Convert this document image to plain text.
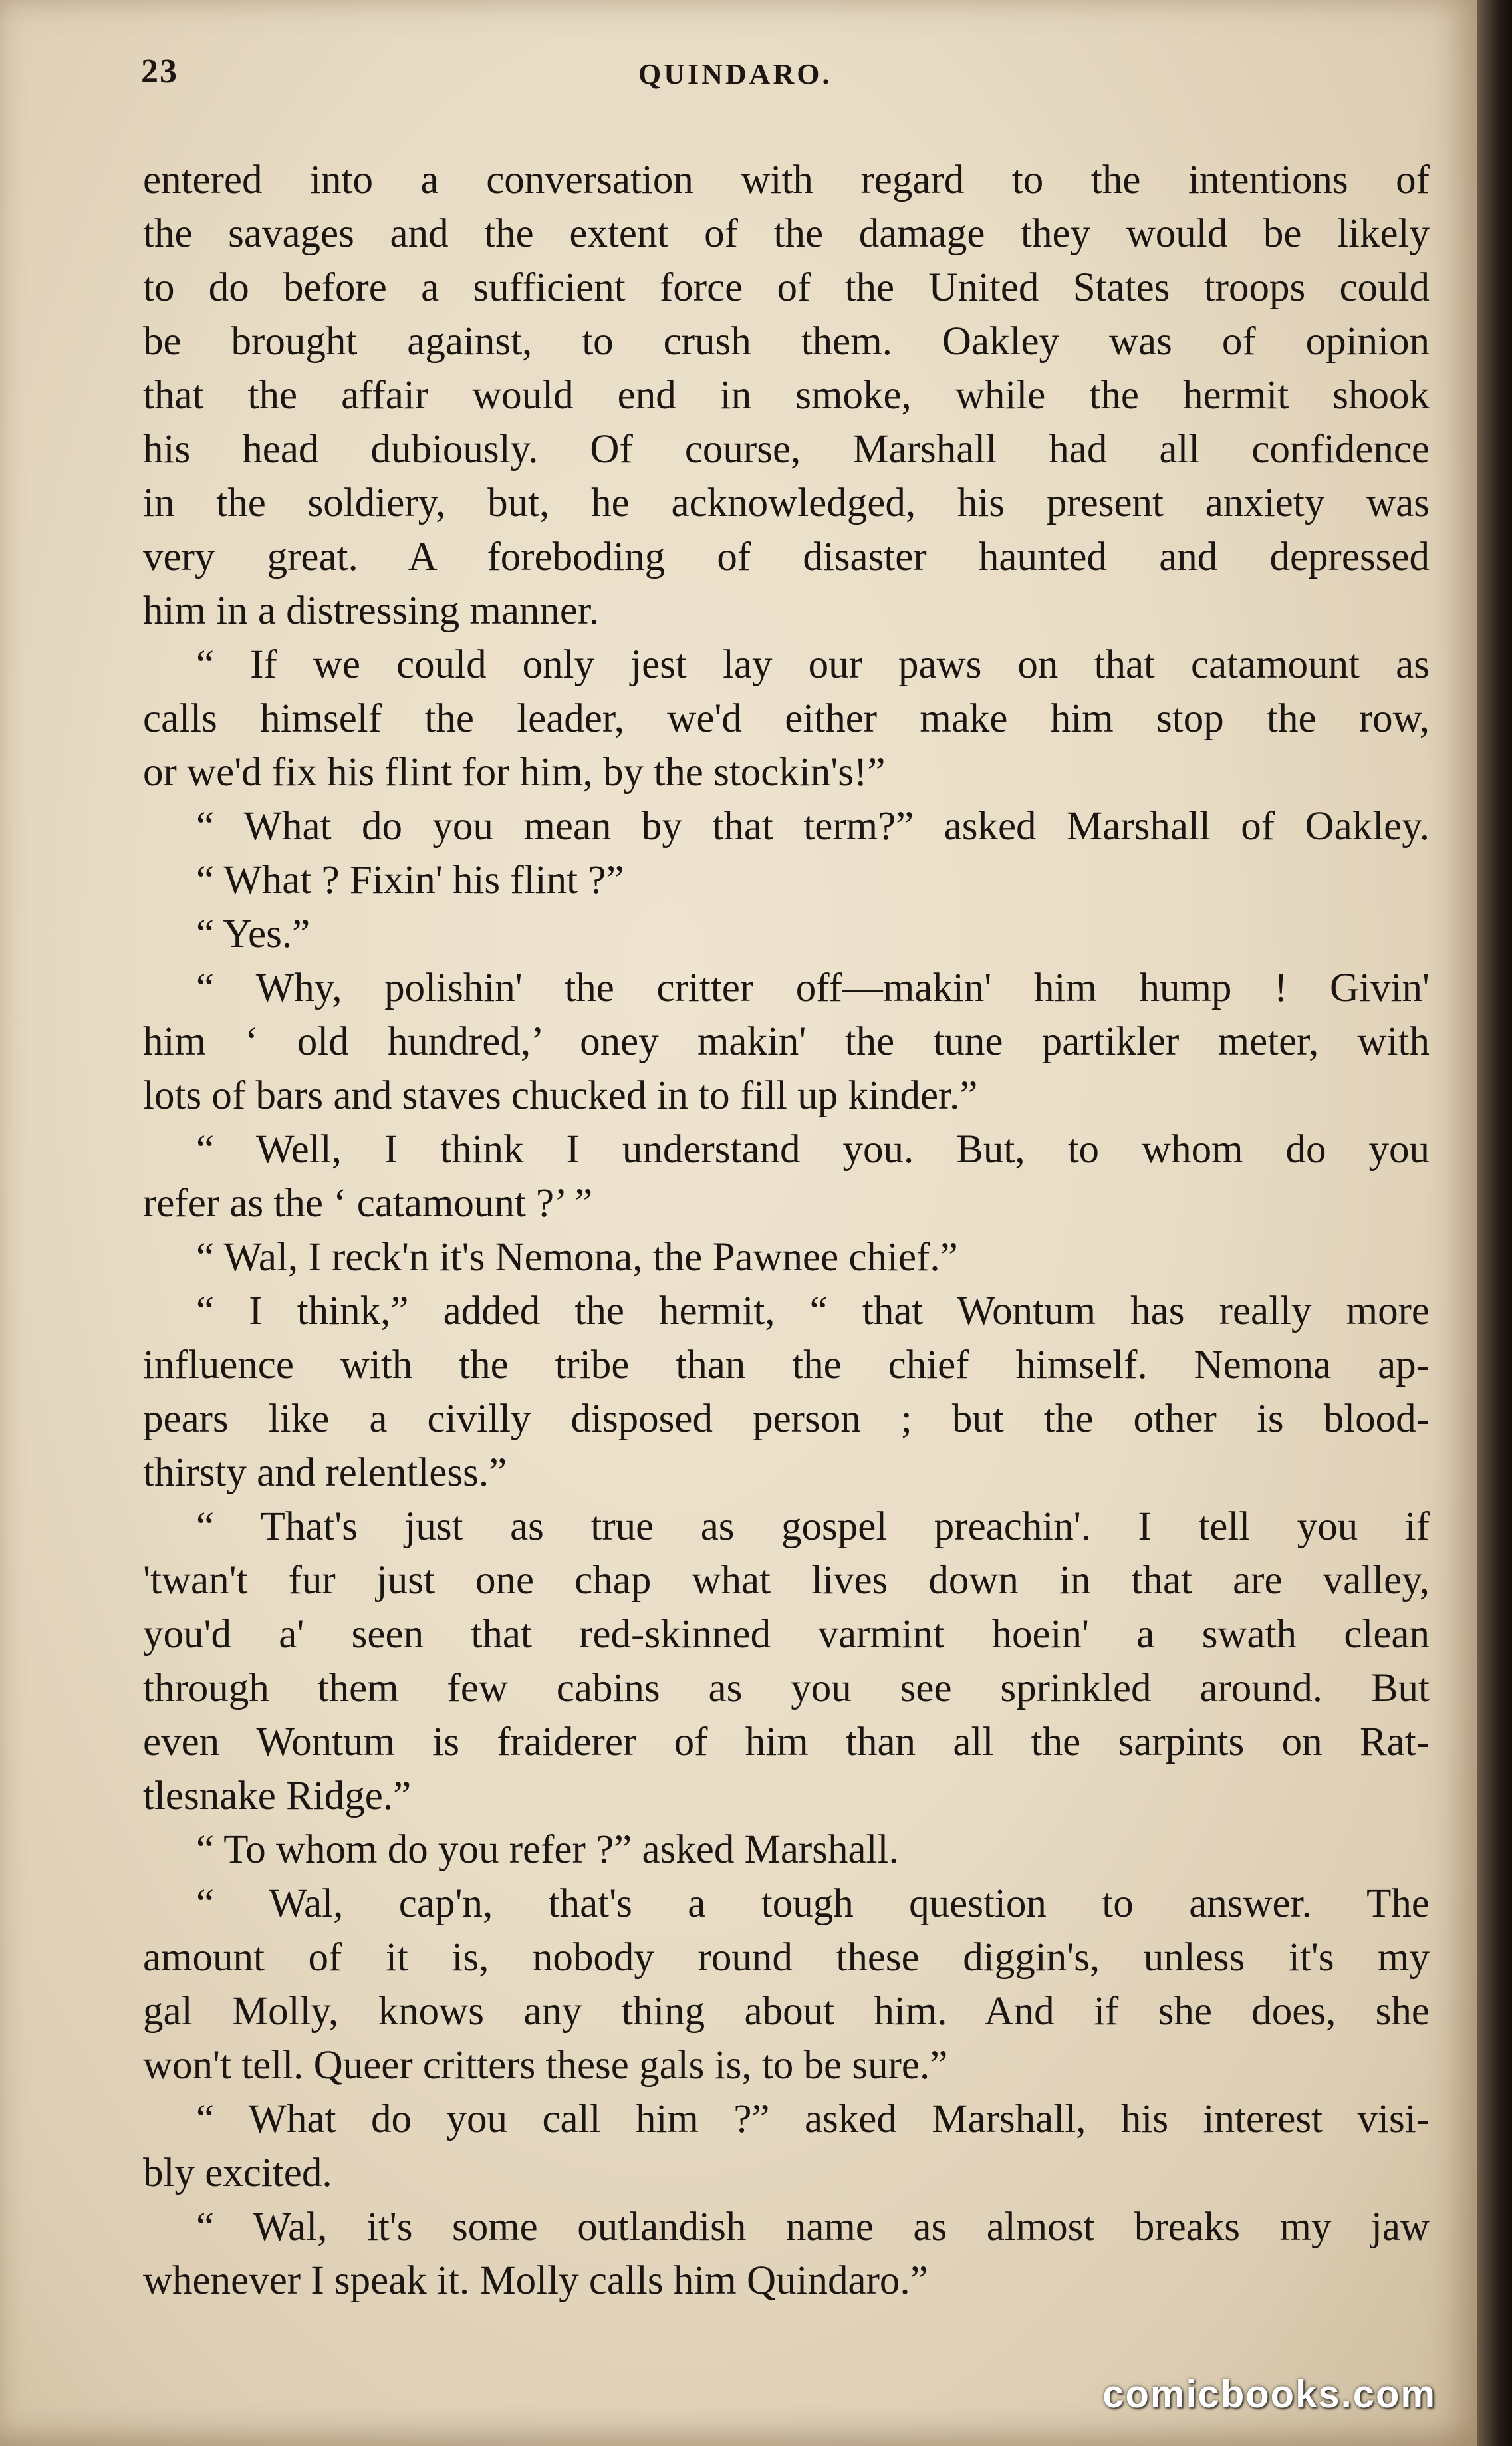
23	QUINDARO.
entered into a conversation with regard to the intentions of
the savages and the extent of the damage they would be likely
to do before a sufficient force of the United States troops could
be brought against, to crush them. Oakley was of opinion
that the affair would end in smoke, while the hermit shook
his head dubiously. Of course, Marshall had all confidence
in the soldiery, but, he acknowledged, his present anxiety was
very great. A foreboding of disaster haunted and depressed
him in a distressing manner.
“ If we could only jest lay our paws on that catamount as
calls himself the leader, we'd either make him stop the row,
or we'd fix his flint for him, by the stockin's!”
“ What do you mean by that term?” asked Marshall of Oakley.
“ What ? Fixin' his flint ?”
“ Yes.”
“ Why, polishin' the critter off—makin' him hump ! Givin'
him ‘ old hundred,’ oney makin' the tune partikler meter, with
lots of bars and staves chucked in to fill up kinder.”
“ Well, I think I understand you. But, to whom do you
refer as the ‘ catamount ?’ ”
“ Wal, I reck'n it's Nemona, the Pawnee chief.”
“ I think,” added the hermit, “ that Wontum has really more
influence with the tribe than the chief himself. Nemona ap-
pears like a civilly disposed person ; but the other is blood-
thirsty and relentless.”
“ That's just as true as gospel preachin'. I tell you if
'twan't fur just one chap what lives down in that are valley,
you'd a' seen that red-skinned varmint hoein' a swath clean
through them few cabins as you see sprinkled around. But
even Wontum is fraiderer of him than all the sarpints on Rat-
tlesnake Ridge.”
“ To whom do you refer ?” asked Marshall.
“ Wal, cap'n, that's a tough question to answer. The
amount of it is, nobody round these diggin's, unless it's my
gal Molly, knows any thing about him. And if she does, she
won't tell. Queer critters these gals is, to be sure.”
“ What do you call him ?” asked Marshall, his interest visi-
bly excited.
“ Wal, it's some outlandish name as almost breaks my jaw
whenever I speak it. Molly calls him Quindaro.”
comicbooks.com
